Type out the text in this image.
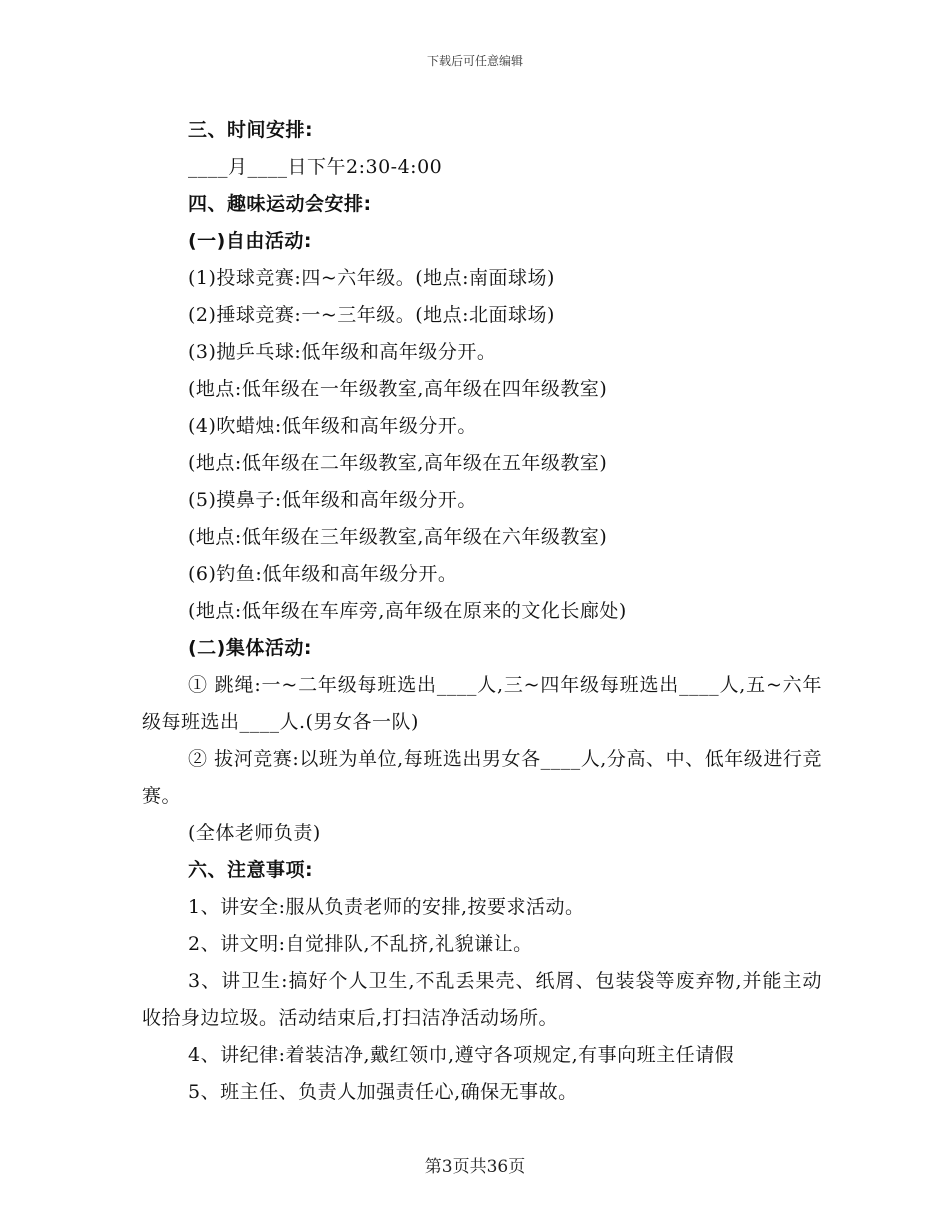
下载后可任意编辑
三、时间安排:
____月____日下午2:30-4:00
四、趣味运动会安排:
(一)自由活动:
(1)投球竞赛:四~六年级。(地点:南面球场)
(2)捶球竞赛:一~三年级。(地点:北面球场)
(3)抛乒乓球:低年级和高年级分开。
(地点:低年级在一年级教室,高年级在四年级教室)
(4)吹蜡烛:低年级和高年级分开。
(地点:低年级在二年级教室,高年级在五年级教室)
(5)摸鼻子:低年级和高年级分开。
(地点:低年级在三年级教室,高年级在六年级教室)
(6)钓鱼:低年级和高年级分开。
(地点:低年级在车库旁,高年级在原来的文化长廊处)
(二)集体活动:
① 跳绳:一~二年级每班选出____人,三~四年级每班选出____人,五~六年级每班选出____人.(男女各一队)
② 拔河竞赛:以班为单位,每班选出男女各____人,分高、中、低年级进行竞赛。
(全体老师负责)
六、注意事项:
1、讲安全:服从负责老师的安排,按要求活动。
2、讲文明:自觉排队,不乱挤,礼貌谦让。
3、讲卫生:搞好个人卫生,不乱丢果壳、纸屑、包装袋等废弃物,并能主动收拾身边垃圾。活动结束后,打扫洁净活动场所。
4、讲纪律:着装洁净,戴红领巾,遵守各项规定,有事向班主任请假
5、班主任、负责人加强责任心,确保无事故。
第3页共36页
